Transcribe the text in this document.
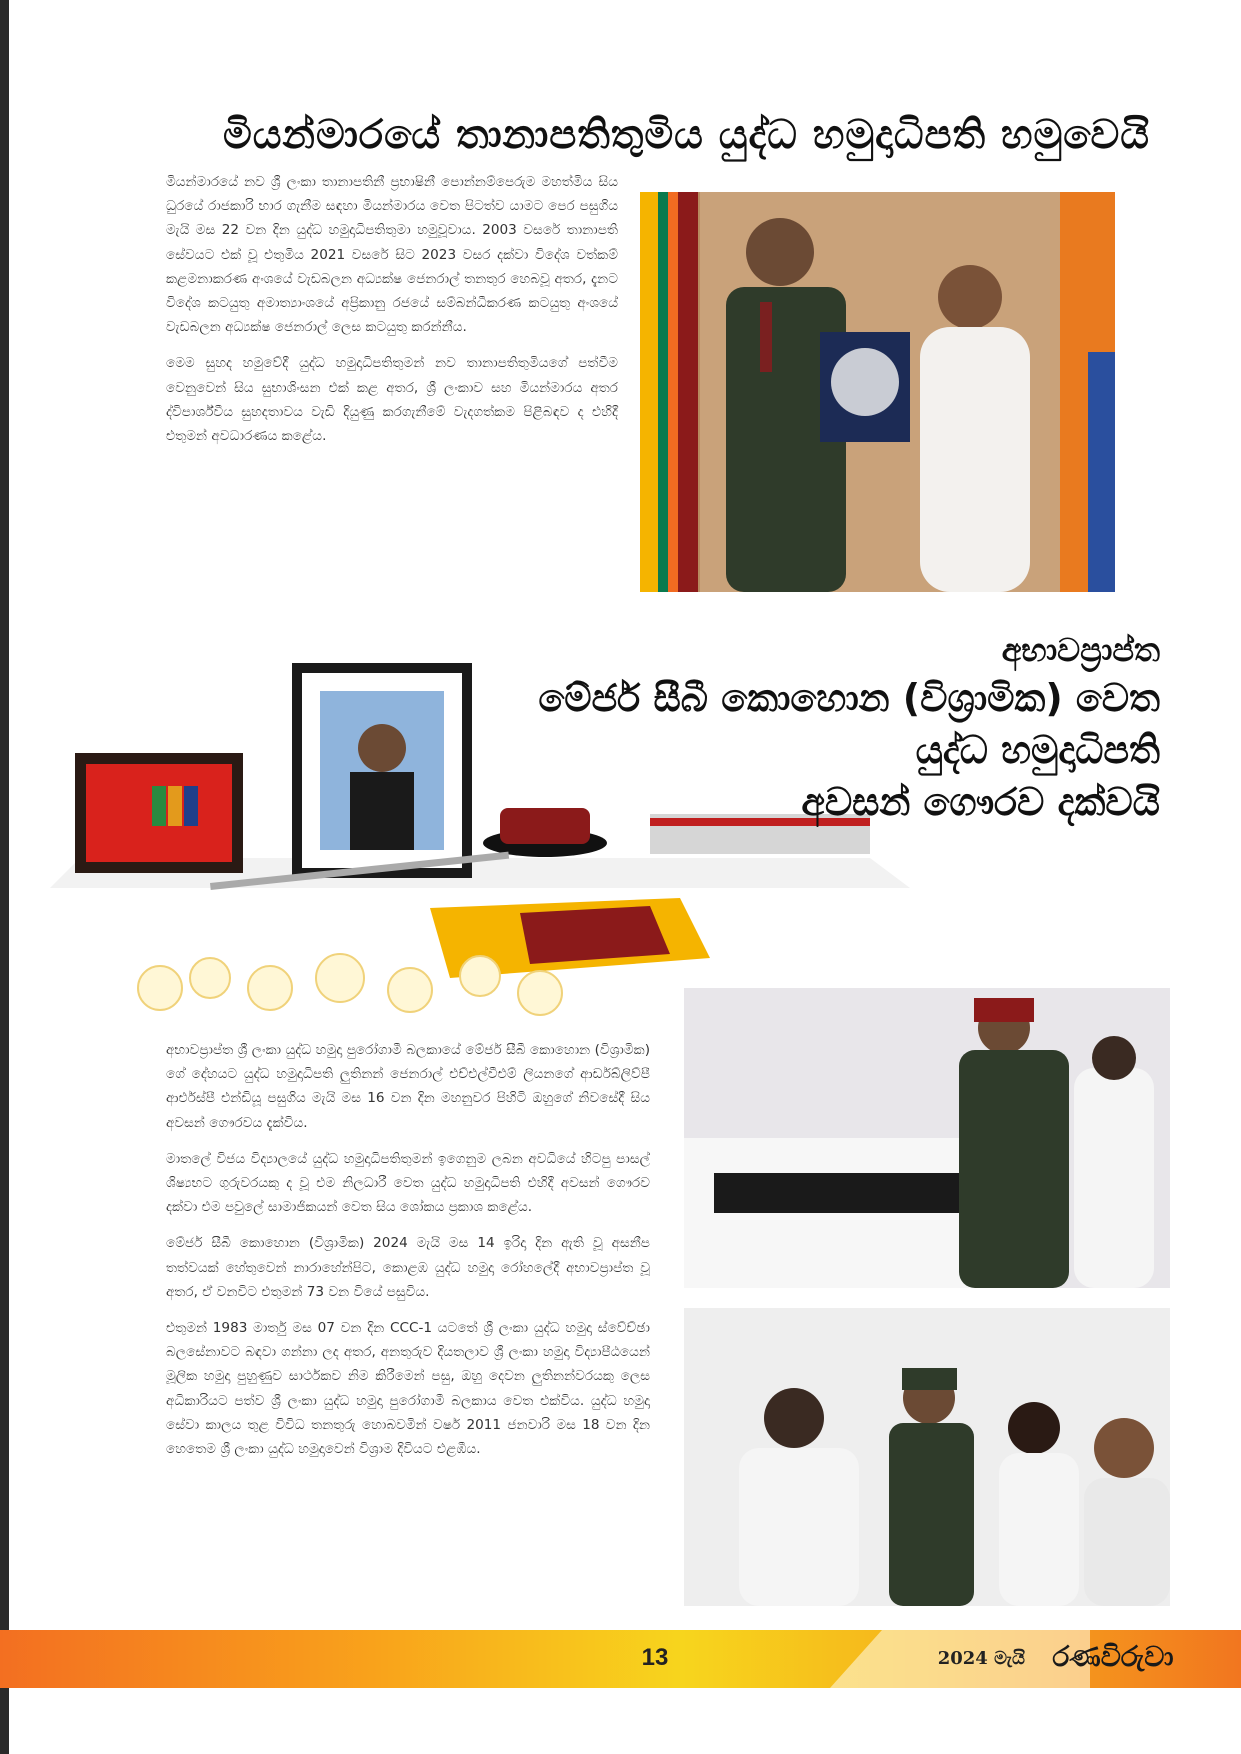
මියන්මාරයේ තානාපතිතුමිය යුද්ධ හමුදාධිපති හමුවෙයි

මියන්මාරයේ නව ශ්‍රී ලංකා තානාපතිනී ප්‍රභාෂිනී පොන්නම්පෙරුම මහත්මිය සිය ධුරයේ රාජකාරි භාර ගැනීම සඳහා මියන්මාරය වෙත පිටත්ව යාමට පෙර පසුගිය මැයි මස 22 වන දින යුද්ධ හමුදාධිපතිතුමා හමුවූවාය. 2003 වසරේ තානාපති සේවයට එක් වූ එතුමිය 2021 වසරේ සිට 2023 වසර දක්වා විදේශ වත්කම් කළමනාකරණ අංශයේ වැඩබලන අධ්‍යක්ෂ ජෙනරාල් තනතුර හෙබවූ අතර, දැනට විදේශ කටයුතු අමාත්‍යාංශයේ අප්‍රිකානු රජයේ සම්බන්ධීකරණ කටයුතු අංශයේ වැඩබලන අධ්‍යක්ෂ ජෙනරාල් ලෙස කටයුතු කරන්නීය.

මෙම සුහද හමුවේදී යුද්ධ හමුදාධිපතිතුමන් නව තානාපතිතුමියගේ පත්වීම වෙනුවෙන් සිය සුභාශිංසන එක් කළ අතර, ශ්‍රී ලංකාව සහ මියන්මාරය අතර ද්විපාර්ශ්වීය සුහදතාවය වැඩි දියුණු කරගැනීමේ වැදගත්කම පිළිබඳව ද එහිදී එතුමන් අවධාරණය කළේය.

අභාවප්‍රාප්ත
මේජර් සීබී කොහොන (විශ්‍රාමික) වෙත
යුද්ධ හමුදාධිපති
අවසන් ගෞරව දක්වයි

අභාවප්‍රාප්ත ශ්‍රී ලංකා යුද්ධ හමුදා පුරෝගාමී බලකායේ මේජර් සීබී කොහොන (විශ්‍රාමික) ගේ දේහයට යුද්ධ හමුදාධිපති ලුතිනන් ජෙනරාල් එච්එල්වීඑම් ලියනගේ ආර්ඩබ්ලිව්පී ආර්එස්පී එන්ඩියූ පසුගිය මැයි මස 16 වන දින මහනුවර පිහිටි ඔහුගේ නිවසේදී සිය අවසන් ගෞරවය දැක්විය.

මාතලේ විජය විද්‍යාලයේ යුද්ධ හමුදාධිපතිතුමන් ඉගෙනුම ලබන අවධියේ හිටපු පාසල් ශිෂ්‍යභට ගුරුවරයකු ද වූ එම නිලධාරී වෙත යුද්ධ හමුදාධිපති එහිදී අවසන් ගෞරව දක්වා එම පවුලේ සාමාජිකයන් වෙත සිය ශෝකය ප්‍රකාශ කළේය.

මේජර් සීබී කොහොන (විශ්‍රාමික) 2024 මැයි මස 14 ඉරිදා දින ඇති වූ අසනීප තත්වයක් හේතුවෙන් නාරාහේන්පිට, කොළඹ යුද්ධ හමුදා රෝහලේදී අභාවප්‍රාප්ත වූ අතර, ඒ වනවිට එතුමන් 73 වන වියේ පසුවිය.

එතුමන් 1983 මාර්තු මස 07 වන දින CCC-1 යටතේ ශ්‍රී ලංකා යුද්ධ හමුදා ස්වේච්ඡා බලසේනාවට බඳවා ගන්නා ලද අතර, අනතුරුව දියතලාව ශ්‍රී ලංකා හමුදා විද්‍යාපීඨයෙන් මූලික හමුදා පුහුණුව සාර්ථකව නිම කිරීමෙන් පසු, ඔහු දෙවන ලුතිනන්වරයකු ලෙස අධිකාරියට පත්ව ශ්‍රී ලංකා යුද්ධ හමුදා පුරෝගාමී බලකාය වෙත එක්විය. යුද්ධ හමුදා සේවා කාලය තුළ විවිධ තනතුරු හොබවමින් වර්ෂ 2011 ජනවාරි මස 18 වන දින හෙතෙම ශ්‍රී ලංකා යුද්ධ හමුදාවෙන් විශ්‍රාම දිවියට එළඹීය.

13	2024 මැයි රණවිරුවා
